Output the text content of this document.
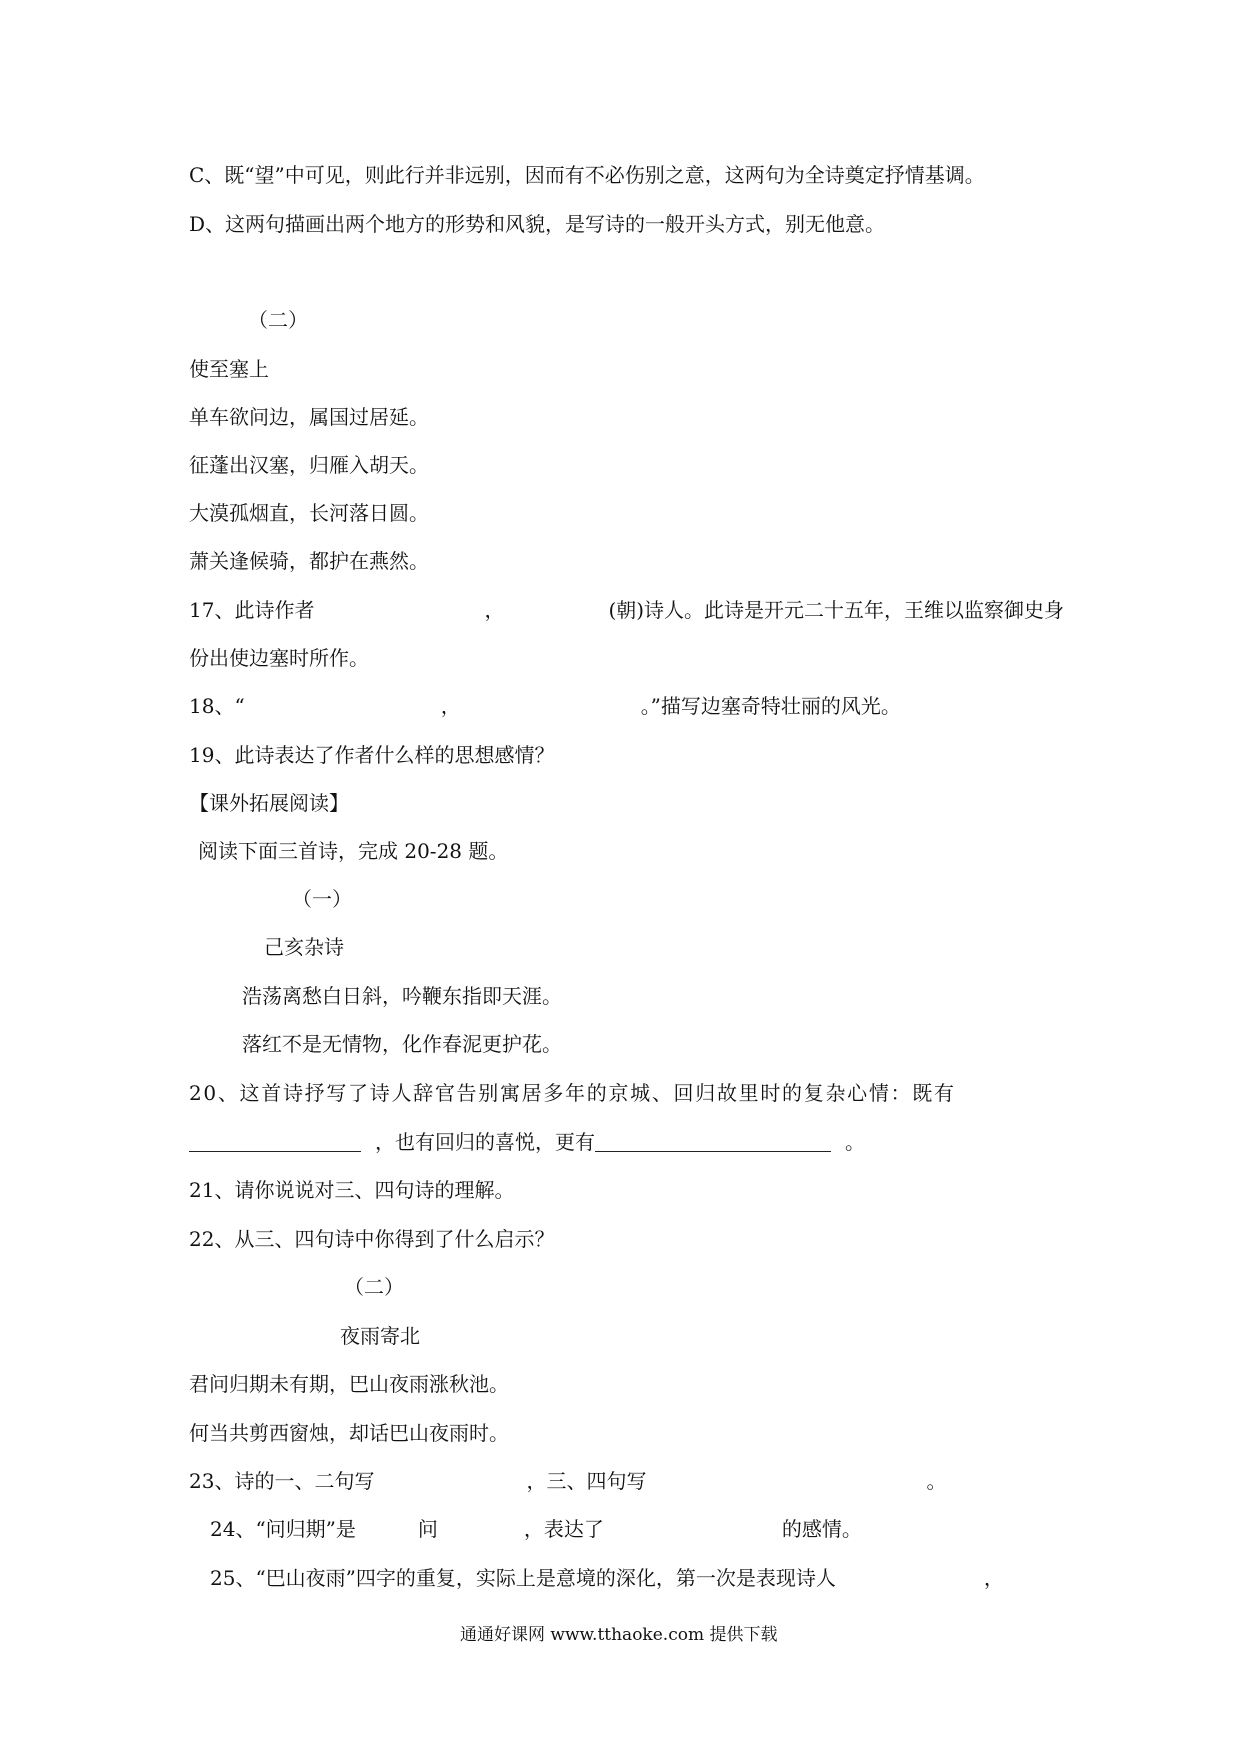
C、既“望”中可见，则此行并非远别，因而有不必伤别之意，这两句为全诗奠定抒情基调。
D、这两句描画出两个地方的形势和风貌，是写诗的一般开头方式，别无他意。
（二）
使至塞上
单车欲问边，属国过居延。
征蓬出汉塞，归雁入胡天。
大漠孤烟直，长河落日圆。
萧关逢候骑，都护在燕然。
17、此诗作者	，	(朝)诗人。此诗是开元二十五年，王维以监察御史身
份出使边塞时所作。
18、“	，	。”描写边塞奇特壮丽的风光。
19、此诗表达了作者什么样的思想感情？
【课外拓展阅读】
阅读下面三首诗，完成 20-28 题。
（一）
己亥杂诗
浩荡离愁白日斜，吟鞭东指即天涯。
落红不是无情物，化作春泥更护花。
20、这首诗抒写了诗人辞官告别寓居多年的京城、回归故里时的复杂心情：既有
，也有回归的喜悦，更有	。
21、请你说说对三、四句诗的理解。
22、从三、四句诗中你得到了什么启示？
（二）
夜雨寄北
君问归期未有期，巴山夜雨涨秋池。
何当共剪西窗烛，却话巴山夜雨时。
23、诗的一、二句写	，三、四句写	。
24、“问归期”是	问	，表达了	的感情。
25、“巴山夜雨”四字的重复，实际上是意境的深化，第一次是表现诗人	，
通通好课网 www.tthaoke.com 提供下载
